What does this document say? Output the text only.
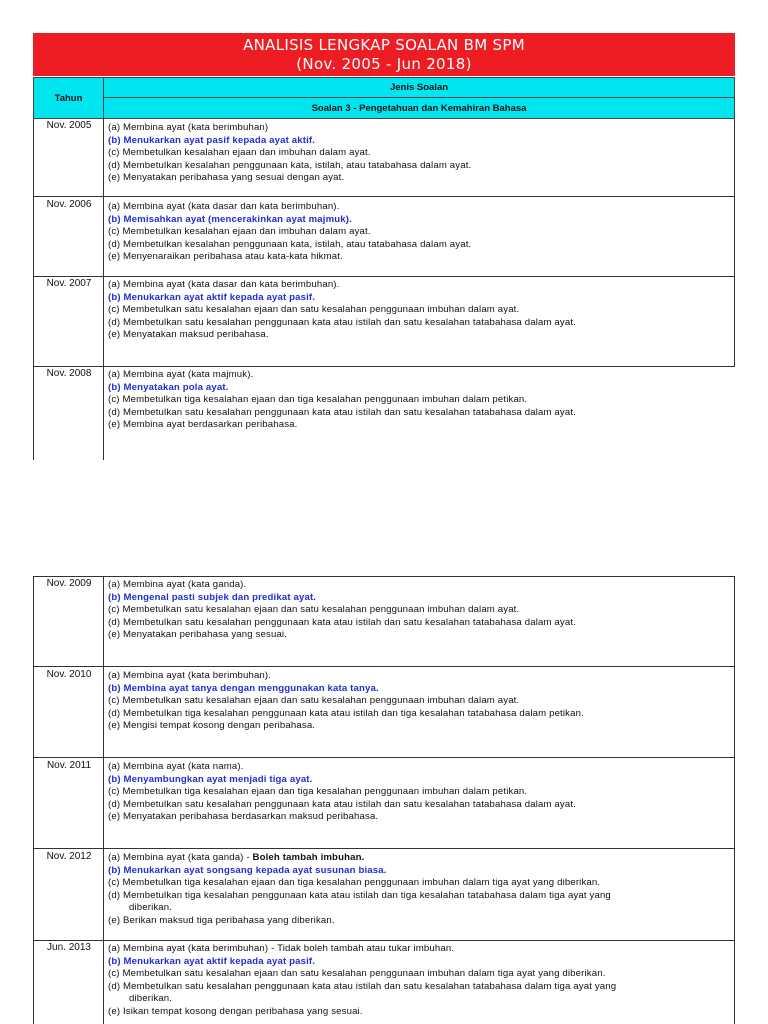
ANALISIS LENGKAP SOALAN BM SPM
(Nov. 2005 - Jun 2018)
Tahun
Jenis Soalan
Soalan 3 - Pengetahuan dan Kemahiran Bahasa
Nov. 2005	(a) Membina ayat (kata berimbuhan)
(b) Menukarkan ayat pasif kepada ayat aktif.
(c) Membetulkan kesalahan ejaan dan imbuhan dalam ayat.
(d) Membetulkan kesalahan penggunaan kata, istilah, atau tatabahasa dalam ayat.
(e) Menyatakan peribahasa yang sesuai dengan ayat.
Nov. 2006	(a) Membina ayat (kata dasar dan kata berimbuhan).
(b) Memisahkan ayat (mencerakinkan ayat majmuk).
(c) Membetulkan kesalahan ejaan dan imbuhan dalam ayat.
(d) Membetulkan kesalahan penggunaan kata, istilah, atau tatabahasa dalam ayat.
(e) Menyenaraikan peribahasa atau kata-kata hikmat.
Nov. 2007	(a) Membina ayat (kata dasar dan kata berimbuhan).
(b) Menukarkan ayat aktif kepada ayat pasif.
(c) Membetulkan satu kesalahan ejaan dan satu kesalahan penggunaan imbuhan dalam ayat.
(d) Membetulkan satu kesalahan penggunaan kata atau istilah dan satu kesalahan tatabahasa dalam ayat.
(e) Menyatakan maksud peribahasa.
Nov. 2008	(a) Membina ayat (kata majmuk).
(b) Menyatakan pola ayat.
(c) Membetulkan tiga kesalahan ejaan dan tiga kesalahan penggunaan imbuhan dalam petikan.
(d) Membetulkan satu kesalahan penggunaan kata atau istilah dan satu kesalahan tatabahasa dalam ayat.
(e) Membina ayat berdasarkan peribahasa.
Nov. 2009	(a) Membina ayat (kata ganda).
(b) Mengenal pasti subjek dan predikat ayat.
(c) Membetulkan satu kesalahan ejaan dan satu kesalahan penggunaan imbuhan dalam ayat.
(d) Membetulkan satu kesalahan penggunaan kata atau istilah dan satu kesalahan tatabahasa dalam ayat.
(e) Menyatakan peribahasa yang sesuai.
Nov. 2010	(a) Membina ayat (kata berimbuhan).
(b) Membina ayat tanya dengan menggunakan kata tanya.
(c) Membetulkan satu kesalahan ejaan dan satu kesalahan penggunaan imbuhan dalam ayat.
(d) Membetulkan tiga kesalahan penggunaan kata atau istilah dan tiga kesalahan tatabahasa dalam petikan.
(e) Mengisi tempat kosong dengan peribahasa.
Nov. 2011	(a) Membina ayat (kata nama).
(b) Menyambungkan ayat menjadi tiga ayat.
(c) Membetulkan tiga kesalahan ejaan dan tiga kesalahan penggunaan imbuhan dalam petikan.
(d) Membetulkan satu kesalahan penggunaan kata atau istilah dan satu kesalahan tatabahasa dalam ayat.
(e) Menyatakan peribahasa berdasarkan maksud peribahasa.
Nov. 2012	(a) Membina ayat (kata ganda) - Boleh tambah imbuhan.
(b) Menukarkan ayat songsang kepada ayat susunan biasa.
(c) Membetulkan tiga kesalahan ejaan dan tiga kesalahan penggunaan imbuhan dalam tiga ayat yang diberikan.
(d) Membetulkan tiga kesalahan penggunaan kata atau istilah dan tiga kesalahan tatabahasa dalam tiga ayat yang
diberikan.
(e) Berikan maksud tiga peribahasa yang diberikan.
Jun. 2013	(a) Membina ayat (kata berimbuhan) - Tidak boleh tambah atau tukar imbuhan.
(b) Menukarkan ayat aktif kepada ayat pasif.
(c) Membetulkan satu kesalahan ejaan dan satu kesalahan penggunaan imbuhan dalam tiga ayat yang diberikan.
(d) Membetulkan satu kesalahan penggunaan kata atau istilah dan satu kesalahan tatabahasa dalam tiga ayat yang
diberikan.
(e) Isikan tempat kosong dengan peribahasa yang sesuai.
